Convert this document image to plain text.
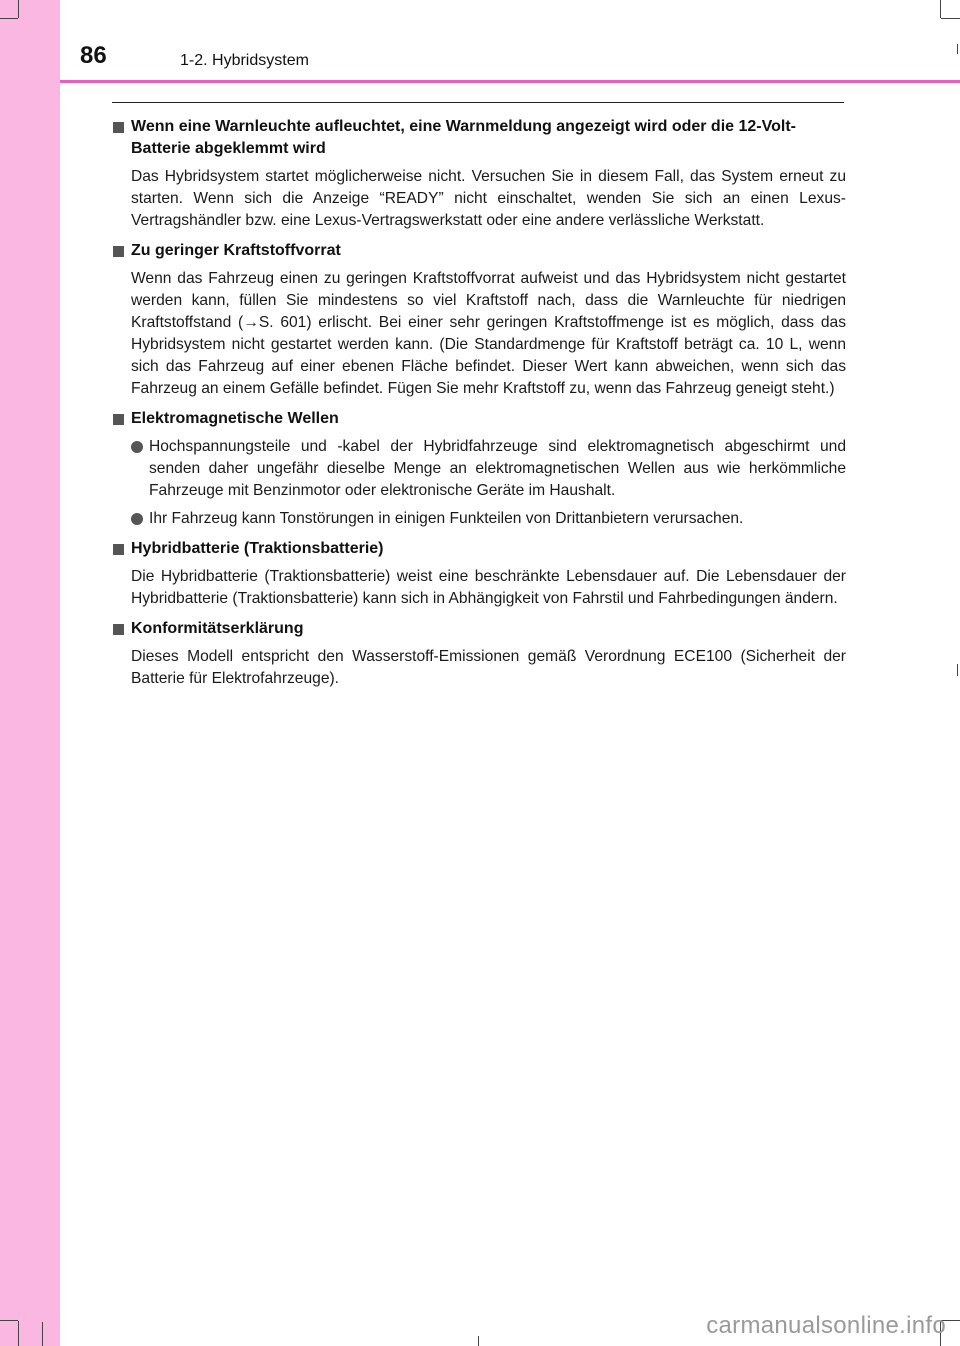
86	1-2. Hybridsystem
Wenn eine Warnleuchte aufleuchtet, eine Warnmeldung angezeigt wird oder die 12-Volt-Batterie abgeklemmt wird
Das Hybridsystem startet möglicherweise nicht. Versuchen Sie in diesem Fall, das System erneut zu starten. Wenn sich die Anzeige “READY” nicht einschaltet, wenden Sie sich an einen Lexus-Vertragshändler bzw. eine Lexus-Vertragswerkstatt oder eine andere verlässliche Werkstatt.
Zu geringer Kraftstoffvorrat
Wenn das Fahrzeug einen zu geringen Kraftstoffvorrat aufweist und das Hybridsystem nicht gestartet werden kann, füllen Sie mindestens so viel Kraftstoff nach, dass die Warnleuchte für niedrigen Kraftstoffstand (→S. 601) erlischt. Bei einer sehr geringen Kraftstoffmenge ist es möglich, dass das Hybridsystem nicht gestartet werden kann. (Die Standardmenge für Kraftstoff beträgt ca. 10 L, wenn sich das Fahrzeug auf einer ebenen Fläche befindet. Dieser Wert kann abweichen, wenn sich das Fahrzeug an einem Gefälle befindet. Fügen Sie mehr Kraftstoff zu, wenn das Fahrzeug geneigt steht.)
Elektromagnetische Wellen
Hochspannungsteile und -kabel der Hybridfahrzeuge sind elektromagnetisch abgeschirmt und senden daher ungefähr dieselbe Menge an elektromagnetischen Wellen aus wie herkömmliche Fahrzeuge mit Benzinmotor oder elektronische Geräte im Haushalt.
Ihr Fahrzeug kann Tonstörungen in einigen Funkteilen von Drittanbietern verursachen.
Hybridbatterie (Traktionsbatterie)
Die Hybridbatterie (Traktionsbatterie) weist eine beschränkte Lebensdauer auf. Die Lebensdauer der Hybridbatterie (Traktionsbatterie) kann sich in Abhängigkeit von Fahrstil und Fahrbedingungen ändern.
Konformitätserklärung
Dieses Modell entspricht den Wasserstoff-Emissionen gemäß Verordnung ECE100 (Sicherheit der Batterie für Elektrofahrzeuge).
carmanualsonline.info
